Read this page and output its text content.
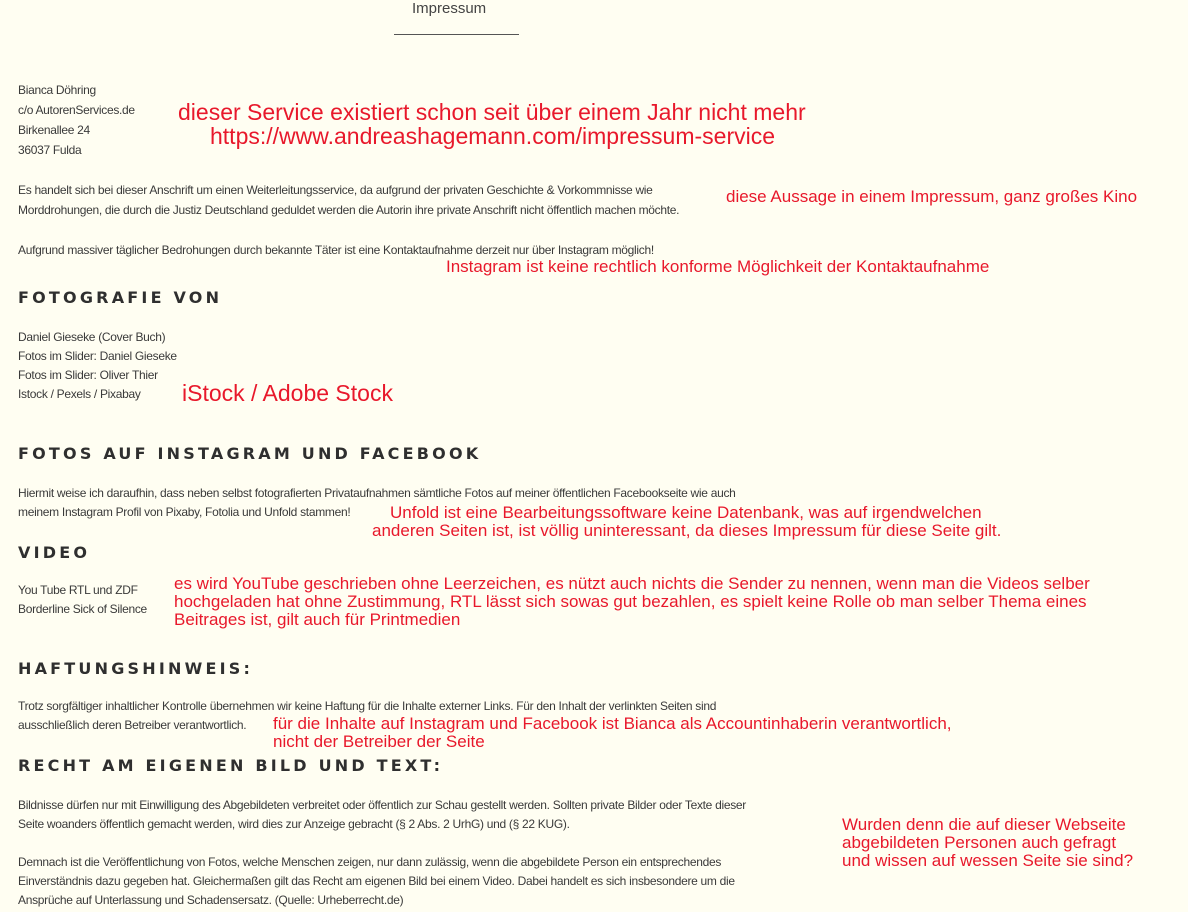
Impressum
Bianca Döhring
c/o AutorenServices.de
Birkenallee 24
36037 Fulda
dieser Service existiert schon seit über einem Jahr nicht mehr
https://www.andreashagemann.com/impressum-service
Es handelt sich bei dieser Anschrift um einen Weiterleitungsservice, da aufgrund der privaten Geschichte & Vorkommnisse wie
Morddrohungen, die durch die Justiz Deutschland geduldet werden die Autorin ihre private Anschrift nicht öffentlich machen möchte.
diese Aussage in einem Impressum, ganz großes Kino
Aufgrund massiver täglicher Bedrohungen durch bekannte Täter ist eine Kontaktaufnahme derzeit nur über Instagram möglich!
Instagram ist keine rechtlich konforme Möglichkeit der Kontaktaufnahme
FOTOGRAFIE VON
Daniel Gieseke (Cover Buch)
Fotos im Slider: Daniel Gieseke
Fotos im Slider: Oliver Thier
Istock / Pexels / Pixabay iStock / Adobe Stock
FOTOS AUF INSTAGRAM UND FACEBOOK
Hiermit weise ich daraufhin, dass neben selbst fotografierten Privataufnahmen sämtliche Fotos auf meiner öffentlichen Facebookseite wie auch
meinem Instagram Profil von Pixaby, Fotolia und Unfold stammen! Unfold ist eine Bearbeitungssoftware keine Datenbank, was auf irgendwelchen
anderen Seiten ist, ist völlig uninteressant, da dieses Impressum für diese Seite gilt.
VIDEO
You Tube RTL und ZDF
Borderline Sick of Silence
es wird YouTube geschrieben ohne Leerzeichen, es nützt auch nichts die Sender zu nennen, wenn man die Videos selber
hochgeladen hat ohne Zustimmung, RTL lässt sich sowas gut bezahlen, es spielt keine Rolle ob man selber Thema eines
Beitrages ist, gilt auch für Printmedien
HAFTUNGSHINWEIS:
Trotz sorgfältiger inhaltlicher Kontrolle übernehmen wir keine Haftung für die Inhalte externer Links. Für den Inhalt der verlinkten Seiten sind
ausschließlich deren Betreiber verantwortlich. für die Inhalte auf Instagram und Facebook ist Bianca als Accountinhaberin verantwortlich,
nicht der Betreiber der Seite
RECHT AM EIGENEN BILD UND TEXT:
Bildnisse dürfen nur mit Einwilligung des Abgebildeten verbreitet oder öffentlich zur Schau gestellt werden. Sollten private Bilder oder Texte dieser
Seite woanders öffentlich gemacht werden, wird dies zur Anzeige gebracht (§ 2 Abs. 2 UrhG) und (§ 22 KUG).
Demnach ist die Veröffentlichung von Fotos, welche Menschen zeigen, nur dann zulässig, wenn die abgebildete Person ein entsprechendes
Einverständnis dazu gegeben hat. Gleichermaßen gilt das Recht am eigenen Bild bei einem Video. Dabei handelt es sich insbesondere um die
Ansprüche auf Unterlassung und Schadensersatz. (Quelle: Urheberrecht.de)
Wurden denn die auf dieser Webseite
abgebildeten Personen auch gefragt
und wissen auf wessen Seite sie sind?
